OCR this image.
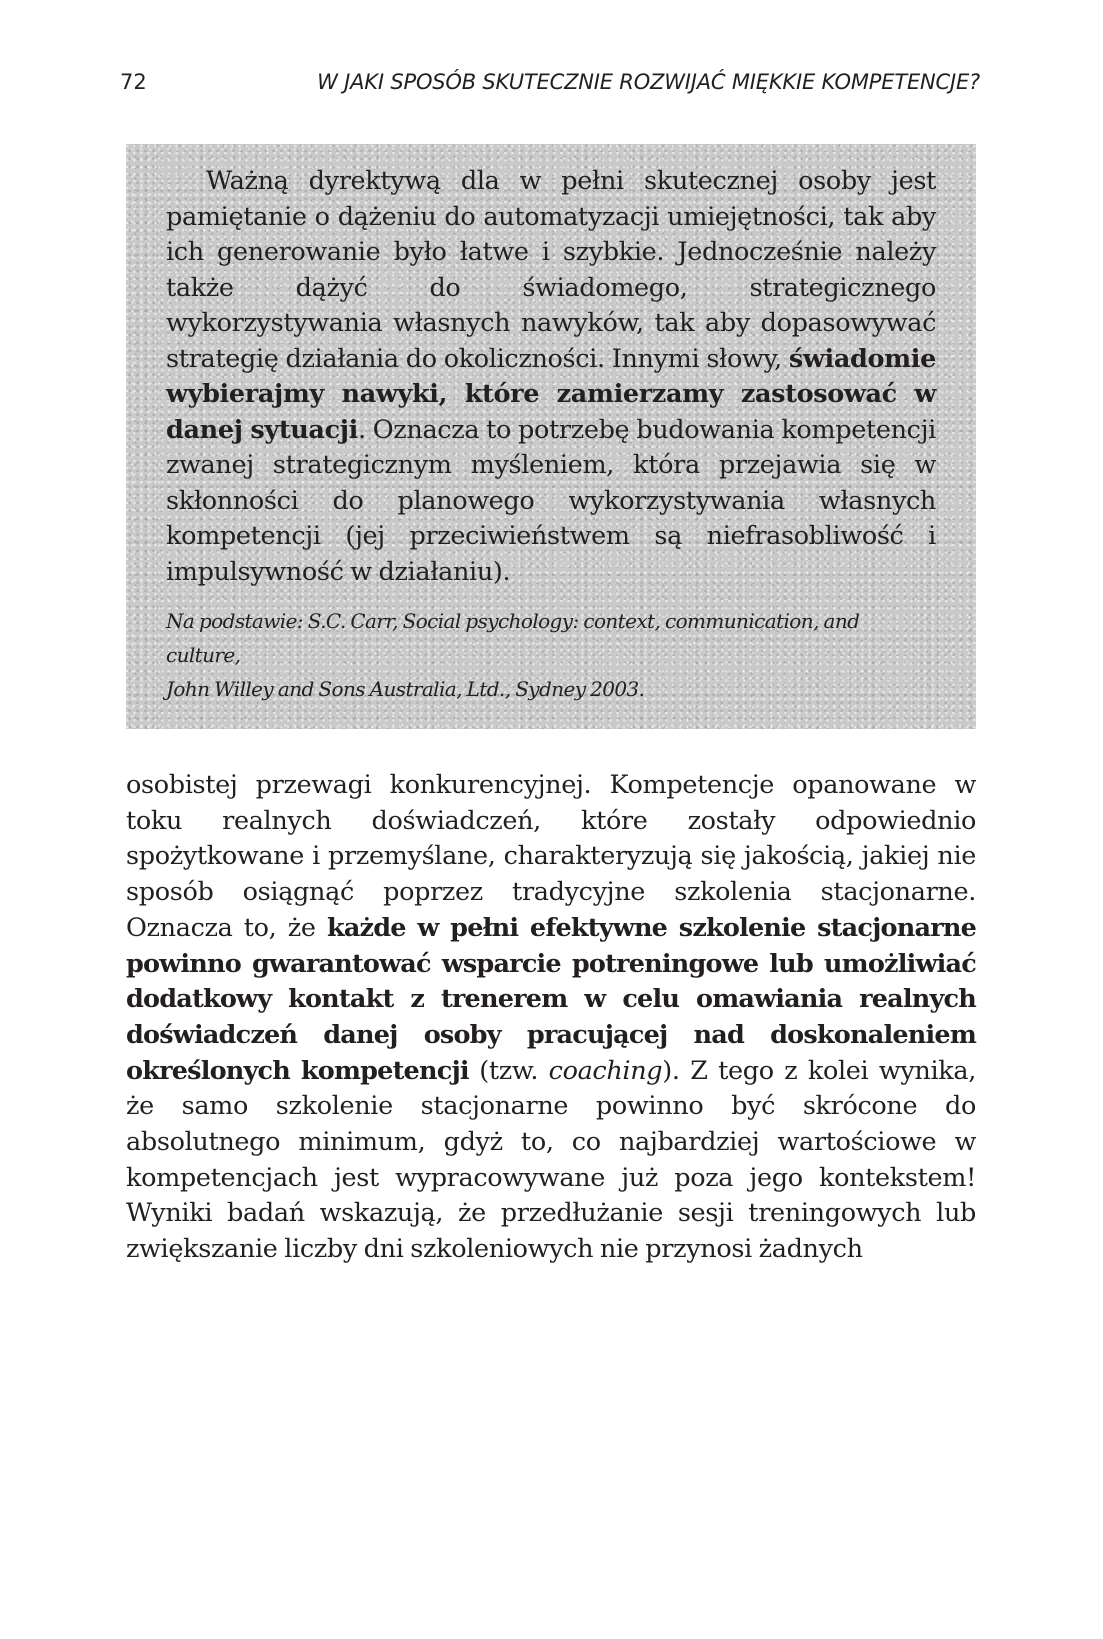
72	W JAKI SPOSÓB SKUTECZNIE ROZWIJAĆ MIĘKKIE KOMPETENCJE?

Ważną dyrektywą dla w pełni skutecznej osoby jest pamiętanie o dążeniu do automatyzacji umiejętności, tak aby ich generowanie było łatwe i szybkie. Jednocześnie należy także dążyć do świadomego, strategicznego wykorzystywania własnych nawyków, tak aby dopasowywać strategię działania do okoliczności. Innymi słowy, świadomie wybierajmy nawyki, które zamierzamy zastosować w danej sytuacji. Oznacza to potrzebę budowania kompetencji zwanej strategicznym myśleniem, która przejawia się w skłonności do planowego wykorzystywania własnych kompetencji (jej przeciwieństwem są niefrasobliwość i impulsywność w działaniu).

Na podstawie: S.C. Carr, Social psychology: context, communication, and culture,
John Willey and Sons Australia, Ltd., Sydney 2003.

osobistej przewagi konkurencyjnej. Kompetencje opanowane w toku realnych doświadczeń, które zostały odpowiednio spożytkowane i przemyślane, charakteryzują się jakością, jakiej nie sposób osiągnąć poprzez tradycyjne szkolenia stacjonarne. Oznacza to, że każde w pełni efektywne szkolenie stacjonarne powinno gwarantować wsparcie potreningowe lub umożliwiać dodatkowy kontakt z trenerem w celu omawiania realnych doświadczeń danej osoby pracującej nad doskonaleniem określonych kompetencji (tzw. coaching). Z tego z kolei wynika, że samo szkolenie stacjonarne powinno być skrócone do absolutnego minimum, gdyż to, co najbardziej wartościowe w kompetencjach jest wypracowywane już poza jego kontekstem! Wyniki badań wskazują, że przedłużanie sesji treningowych lub zwiększanie liczby dni szkoleniowych nie przynosi żadnych
